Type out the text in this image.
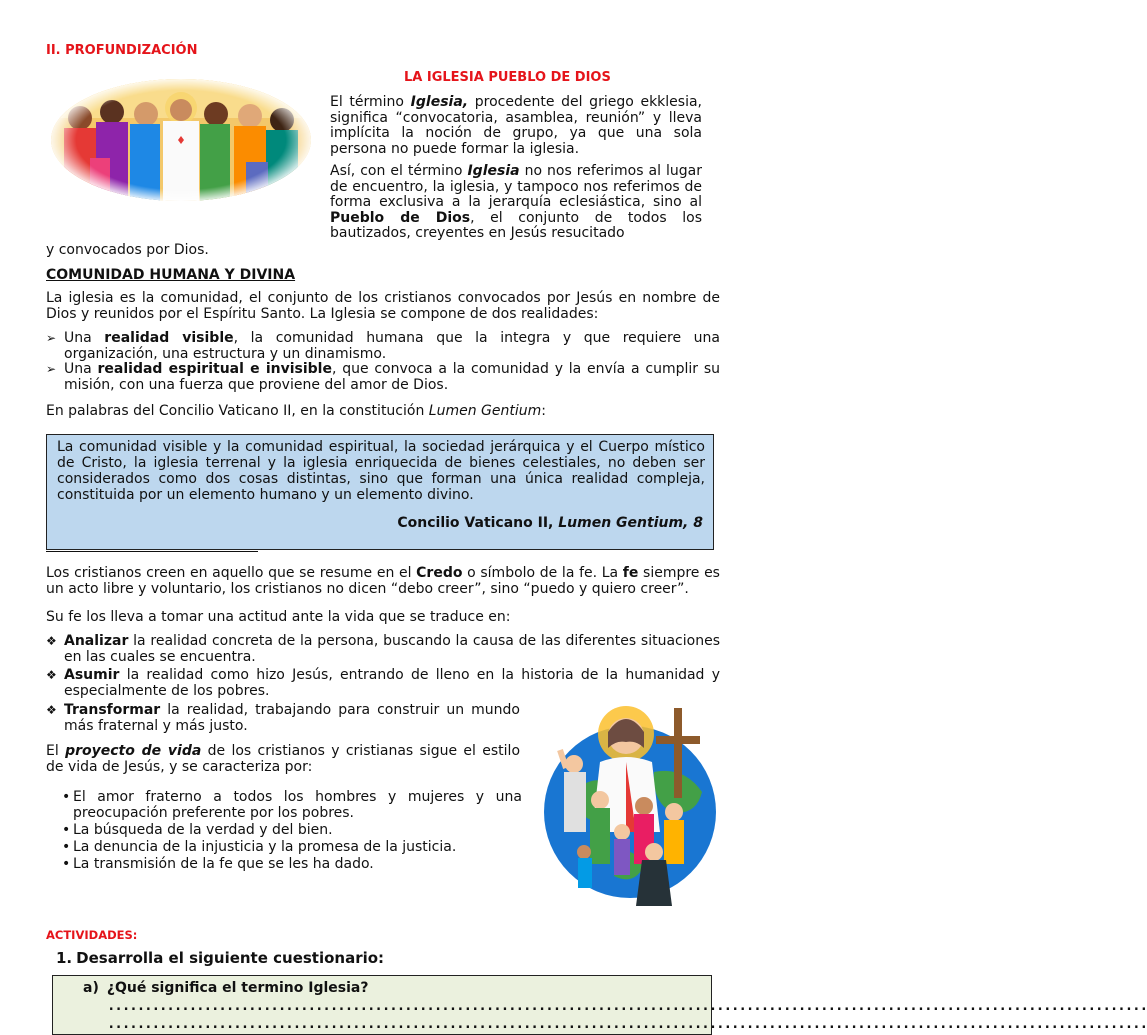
II. PROFUNDIZACIÓN
LA IGLESIA PUEBLO DE DIOS

El término Iglesia, procedente del griego ekklesia, significa “convocatoria, asamblea, reunión” y lleva implícita la noción de grupo, ya que una sola persona no puede formar la iglesia.

Así, con el término Iglesia no nos referimos al lugar de encuentro, la iglesia, y tampoco nos referimos de forma exclusiva a la jerarquía eclesiástica, sino al Pueblo de Dios, el conjunto de todos los bautizados, creyentes en Jesús resucitado

y convocados por Dios.

COMUNIDAD HUMANA Y DIVINA

La iglesia es la comunidad, el conjunto de los cristianos convocados por Jesús en nombre de Dios y reunidos por el Espíritu Santo. La Iglesia se compone de dos realidades:

➢ Una realidad visible, la comunidad humana que la integra y que requiere una organización, una estructura y un dinamismo.
➢ Una realidad espiritual e invisible, que convoca a la comunidad y la envía a cumplir su misión, con una fuerza que proviene del amor de Dios.

En palabras del Concilio Vaticano II, en la constitución Lumen Gentium:

La comunidad visible y la comunidad espiritual, la sociedad jerárquica y el Cuerpo místico de Cristo, la iglesia terrenal y la iglesia enriquecida de bienes celestiales, no deben ser considerados como dos cosas distintas, sino que forman una única realidad compleja, constituida por un elemento humano y un elemento divino.

Concilio Vaticano II, Lumen Gentium, 8

Los cristianos creen en aquello que se resume en el Credo o símbolo de la fe. La fe siempre es un acto libre y voluntario, los cristianos no dicen “debo creer”, sino “puedo y quiero creer”.

Su fe los lleva a tomar una actitud ante la vida que se traduce en:

❖ Analizar la realidad concreta de la persona, buscando la causa de las diferentes situaciones en las cuales se encuentra.
❖ Asumir la realidad como hizo Jesús, entrando de lleno en la historia de la humanidad y especialmente de los pobres.
❖ Transformar la realidad, trabajando para construir un mundo más fraternal y más justo.

El proyecto de vida de los cristianos y cristianas sigue el estilo de vida de Jesús, y se caracteriza por:

• El amor fraterno a todos los hombres y mujeres y una preocupación preferente por los pobres.
• La búsqueda de la verdad y del bien.
• La denuncia de la injusticia y la promesa de la justicia.
• La transmisión de la fe que se les ha dado.
ACTIVIDADES:
1. Desarrolla el siguiente cuestionario:
a) ¿Qué significa el termino Iglesia?
............................................................................................................................................
............................................................................................................................................
